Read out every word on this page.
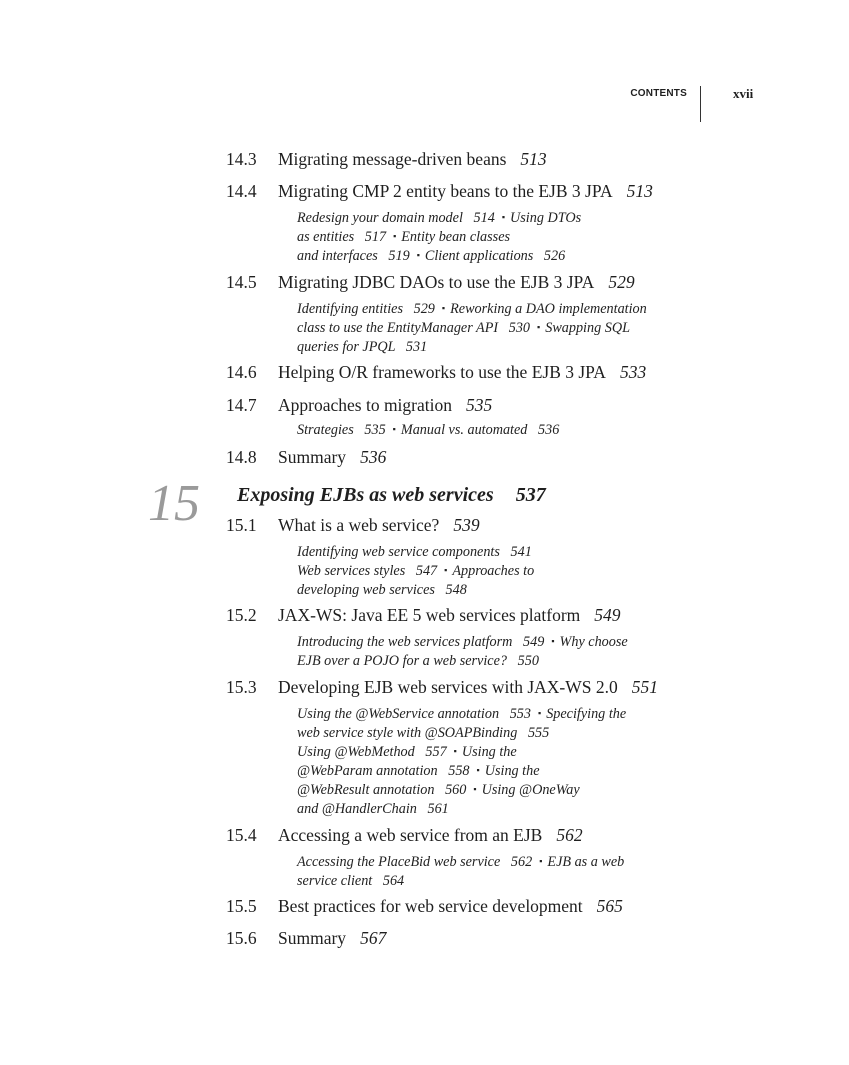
CONTENTS	xvii
15 Exposing EJBs as web services 537
14.3 Migrating message-driven beans 513
14.4 Migrating CMP 2 entity beans to the EJB 3 JPA 513
Redesign your domain model   514 ▪ Using DTOs
as entities   517 ▪ Entity bean classes
and interfaces   519 ▪ Client applications   526
14.5 Migrating JDBC DAOs to use the EJB 3 JPA 529
Identifying entities   529 ▪ Reworking a DAO implementation
class to use the EntityManager API   530 ▪ Swapping SQL
queries for JPQL   531
14.6 Helping O/R frameworks to use the EJB 3 JPA 533
14.7 Approaches to migration 535
Strategies   535 ▪ Manual vs. automated   536
14.8 Summary 536
15.1 What is a web service? 539
Identifying web service components   541
Web services styles   547 ▪ Approaches to
developing web services   548
15.2 JAX-WS: Java EE 5 web services platform 549
Introducing the web services platform   549 ▪ Why choose
EJB over a POJO for a web service?   550
15.3 Developing EJB web services with JAX-WS 2.0 551
Using the @WebService annotation   553 ▪ Specifying the
web service style with @SOAPBinding   555
Using @WebMethod   557 ▪ Using the
@WebParam annotation   558 ▪ Using the
@WebResult annotation   560 ▪ Using @OneWay
and @HandlerChain   561
15.4 Accessing a web service from an EJB 562
Accessing the PlaceBid web service   562 ▪ EJB as a web
service client   564
15.5 Best practices for web service development 565
15.6 Summary 567
